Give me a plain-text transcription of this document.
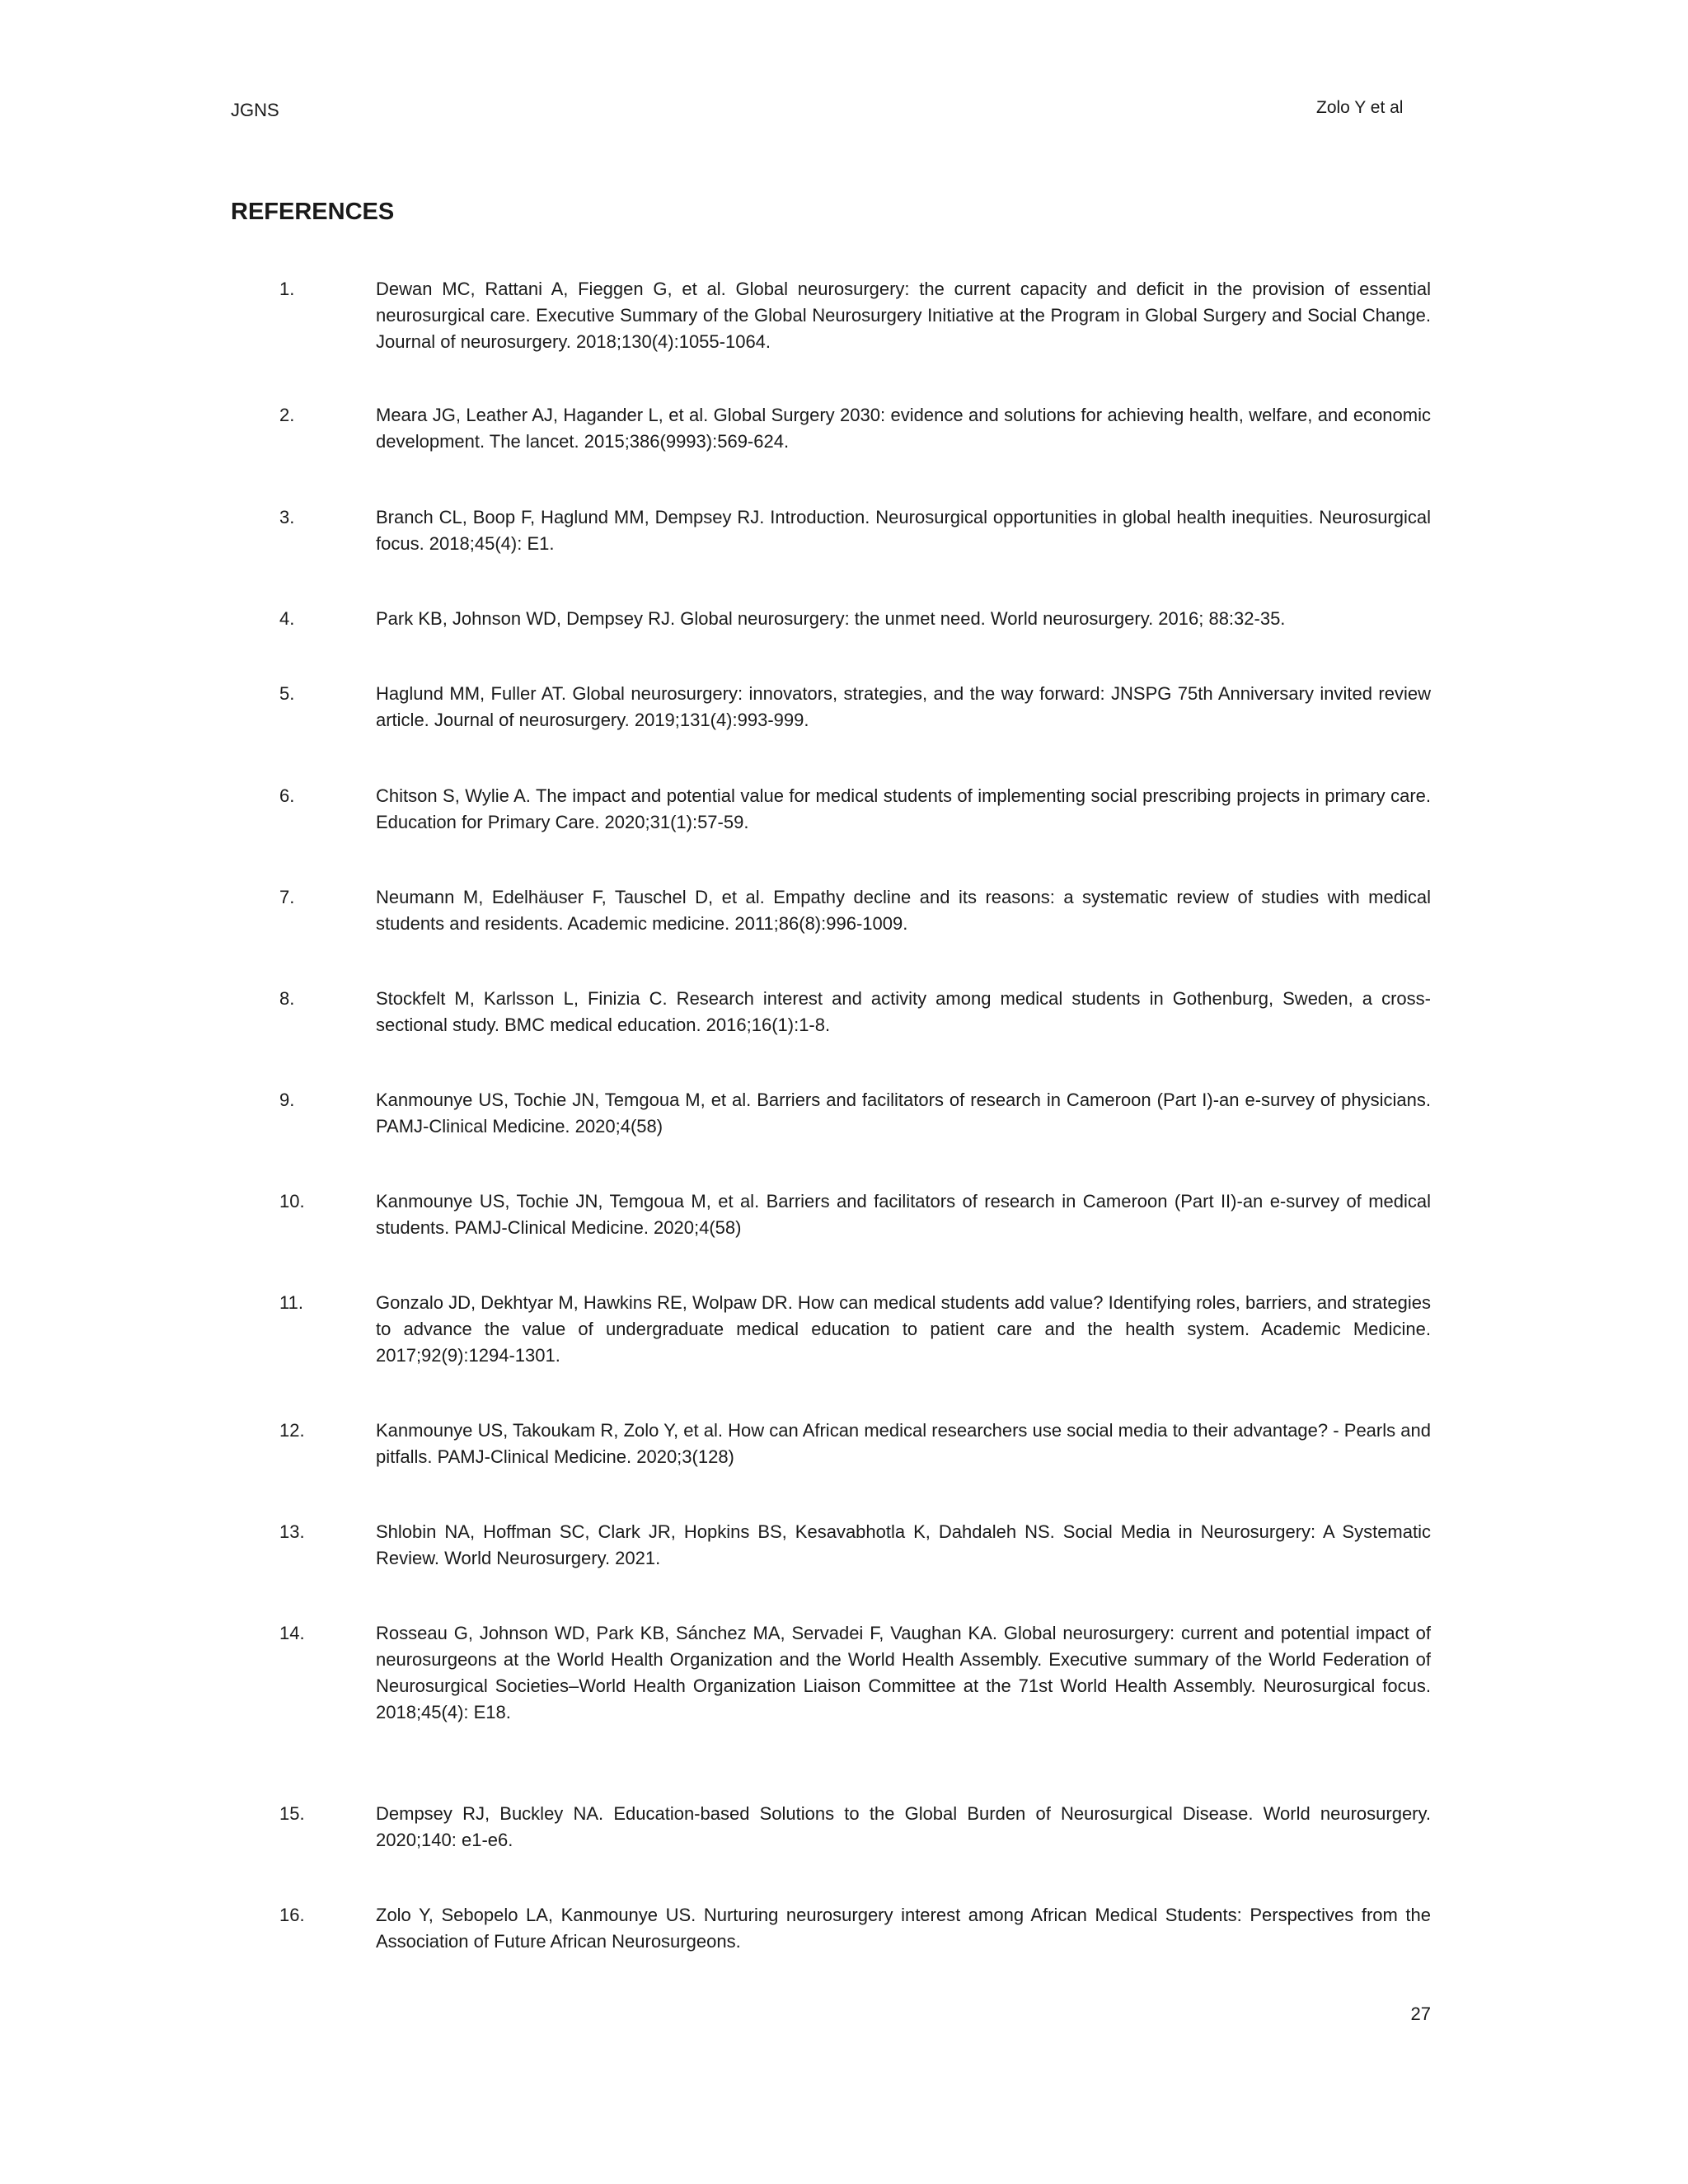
JGNS	Zolo Y et al
REFERENCES
1.	Dewan MC, Rattani A, Fieggen G, et al. Global neurosurgery: the current capacity and deficit in the provision of essential neurosurgical care. Executive Summary of the Global Neurosurgery Initiative at the Program in Global Surgery and Social Change. Journal of neurosurgery. 2018;130(4):1055-1064.
2.	Meara JG, Leather AJ, Hagander L, et al. Global Surgery 2030: evidence and solutions for achieving health, welfare, and economic development. The lancet. 2015;386(9993):569-624.
3.	Branch CL, Boop F, Haglund MM, Dempsey RJ. Introduction. Neurosurgical opportunities in global health inequities. Neurosurgical focus. 2018;45(4): E1.
4.	Park KB, Johnson WD, Dempsey RJ. Global neurosurgery: the unmet need. World neurosurgery. 2016; 88:32-35.
5.	Haglund MM, Fuller AT. Global neurosurgery: innovators, strategies, and the way forward: JNSPG 75th Anniversary invited review article. Journal of neurosurgery. 2019;131(4):993-999.
6.	Chitson S, Wylie A. The impact and potential value for medical students of implementing social prescribing projects in primary care. Education for Primary Care. 2020;31(1):57-59.
7.	Neumann M, Edelhäuser F, Tauschel D, et al. Empathy decline and its reasons: a systematic review of studies with medical students and residents. Academic medicine. 2011;86(8):996-1009.
8.	Stockfelt M, Karlsson L, Finizia C. Research interest and activity among medical students in Gothenburg, Sweden, a cross-sectional study. BMC medical education. 2016;16(1):1-8.
9.	Kanmounye US, Tochie JN, Temgoua M, et al. Barriers and facilitators of research in Cameroon (Part I)-an e-survey of physicians. PAMJ-Clinical Medicine. 2020;4(58)
10.	Kanmounye US, Tochie JN, Temgoua M, et al. Barriers and facilitators of research in Cameroon (Part II)-an e-survey of medical students. PAMJ-Clinical Medicine. 2020;4(58)
11.	Gonzalo JD, Dekhtyar M, Hawkins RE, Wolpaw DR. How can medical students add value? Identifying roles, barriers, and strategies to advance the value of undergraduate medical education to patient care and the health system. Academic Medicine. 2017;92(9):1294-1301.
12.	Kanmounye US, Takoukam R, Zolo Y, et al. How can African medical researchers use social media to their advantage? - Pearls and pitfalls. PAMJ-Clinical Medicine. 2020;3(128)
13.	Shlobin NA, Hoffman SC, Clark JR, Hopkins BS, Kesavabhotla K, Dahdaleh NS. Social Media in Neurosurgery: A Systematic Review. World Neurosurgery. 2021.
14.	Rosseau G, Johnson WD, Park KB, Sánchez MA, Servadei F, Vaughan KA. Global neurosurgery: current and potential impact of neurosurgeons at the World Health Organization and the World Health Assembly. Executive summary of the World Federation of Neurosurgical Societies–World Health Organization Liaison Committee at the 71st World Health Assembly. Neurosurgical focus. 2018;45(4): E18.
15.	Dempsey RJ, Buckley NA. Education-based Solutions to the Global Burden of Neurosurgical Disease. World neurosurgery. 2020;140: e1-e6.
16.	Zolo Y, Sebopelo LA, Kanmounye US. Nurturing neurosurgery interest among African Medical Students: Perspectives from the Association of Future African Neurosurgeons.
27
